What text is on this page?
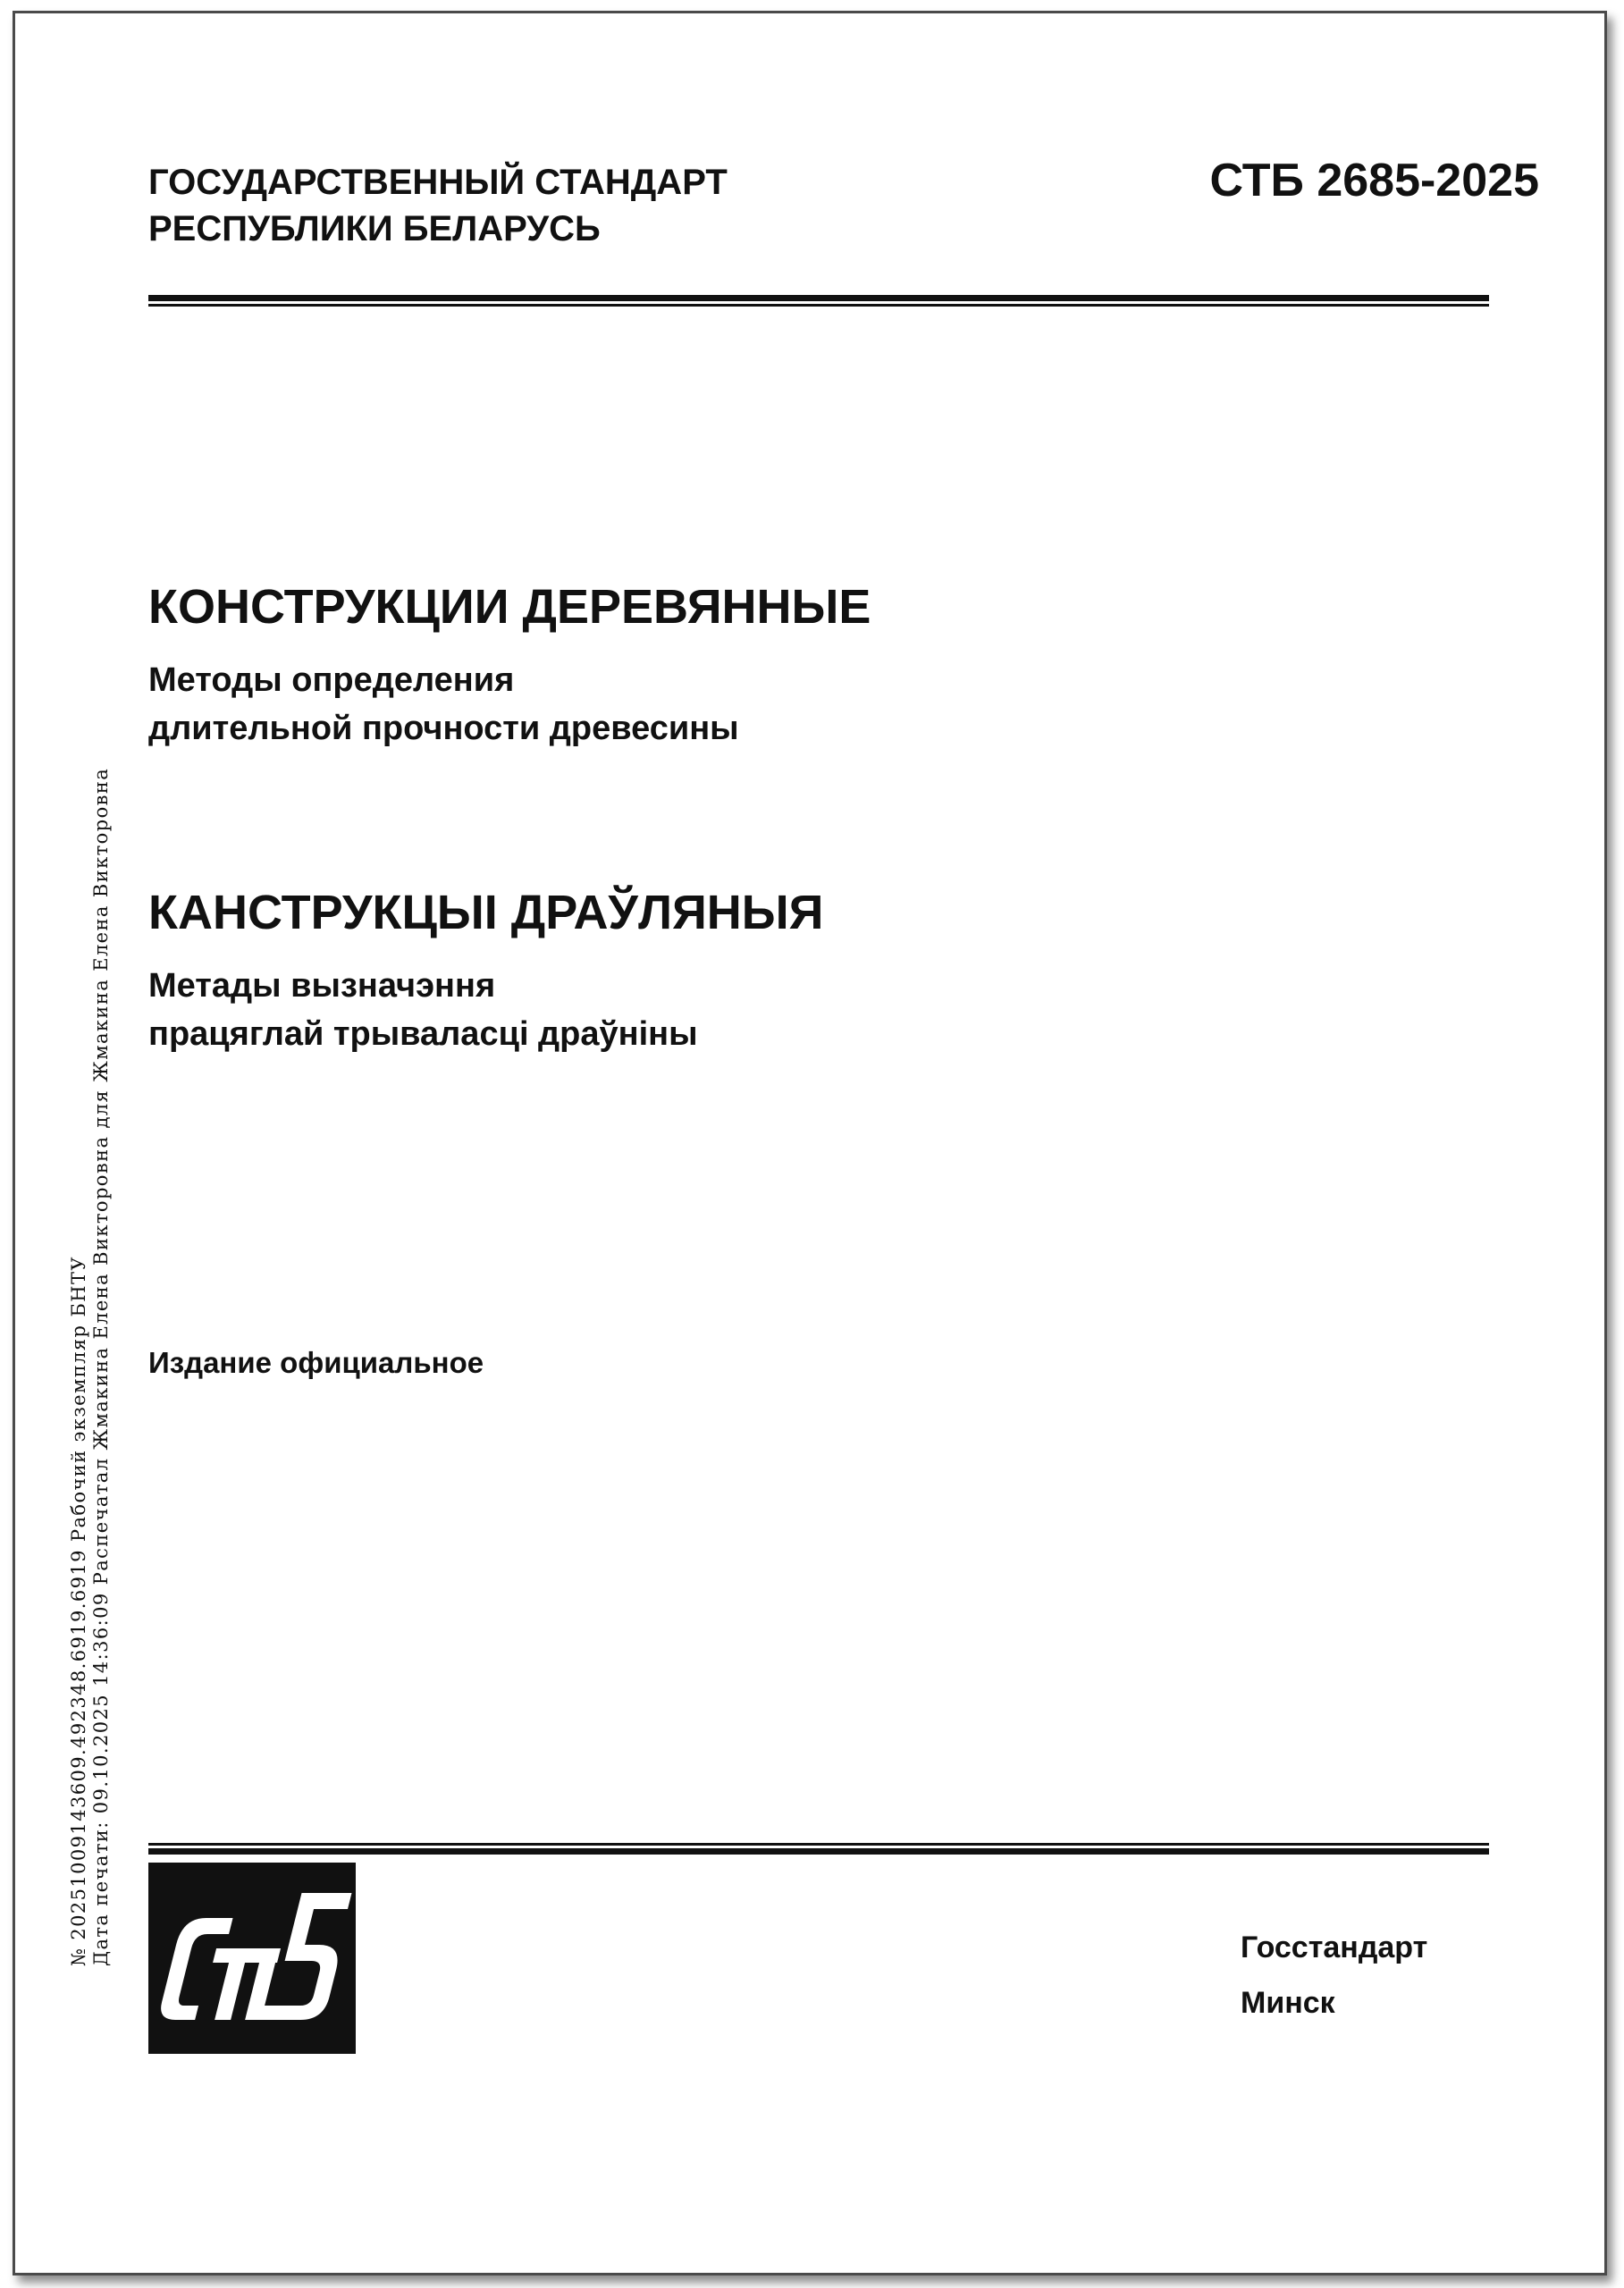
ГОСУДАРСТВЕННЫЙ СТАНДАРТ
РЕСПУБЛИКИ БЕЛАРУСЬ
СТБ 2685-2025
КОНСТРУКЦИИ ДЕРЕВЯННЫЕ
Методы определения
длительной прочности древесины
КАНСТРУКЦЫІ ДРАЎЛЯНЫЯ
Метады вызначэння
працяглай трываласці драўніны
Издание официальное
Госстандарт
Минск
№ 20251009143609.492348.6919.6919 Рабочий экземпляр БНТУ Дата печати: 09.10.2025 14:36:09 Распечатал Жмакина Елена Викторовна для Жмакина Елена Викторовна
